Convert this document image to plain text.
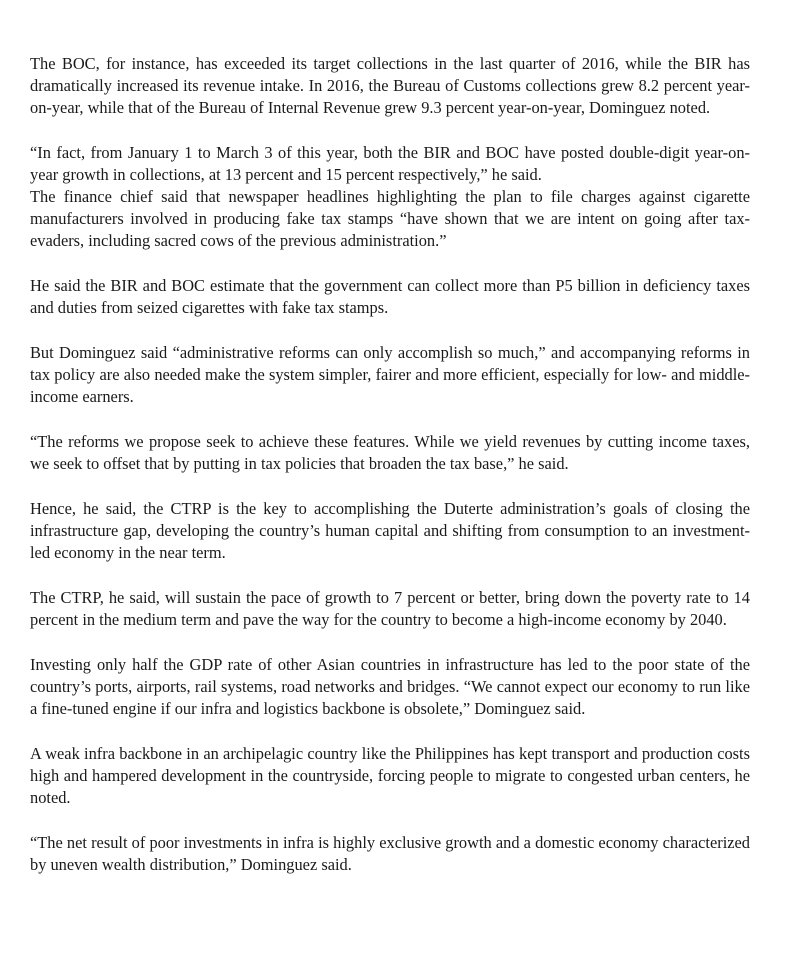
The BOC, for instance, has exceeded its target collections in the last quarter of 2016, while the BIR has dramatically increased its revenue intake. In 2016, the Bureau of Customs collections grew 8.2 percent year-on-year, while that of the Bureau of Internal Revenue grew 9.3 percent year-on-year, Dominguez noted.

“In fact, from January 1 to March 3 of this year, both the BIR and BOC have posted double-digit year-on-year growth in collections, at 13 percent and 15 percent respectively,” he said.

The finance chief said that newspaper headlines highlighting the plan to file charges against cigarette manufacturers involved in producing fake tax stamps “have shown that we are intent on going after tax-evaders, including sacred cows of the previous administration.”

He said the BIR and BOC estimate that the government can collect more than P5 billion in deficiency taxes and duties from seized cigarettes with fake tax stamps.

But Dominguez said “administrative reforms can only accomplish so much,” and accompanying reforms in tax policy are also needed make the system simpler, fairer and more efficient, especially for low- and middle-income earners.

“The reforms we propose seek to achieve these features. While we yield revenues by cutting income taxes, we seek to offset that by putting in tax policies that broaden the tax base,” he said.

Hence, he said, the CTRP is the key to accomplishing the Duterte administration’s goals of closing the infrastructure gap, developing the country’s human capital and shifting from consumption to an investment-led economy in the near term.

The CTRP, he said, will sustain the pace of growth to 7 percent or better, bring down the poverty rate to 14 percent in the medium term and pave the way for the country to become a high-income economy by 2040.

Investing only half the GDP rate of other Asian countries in infrastructure has led to the poor state of the country’s ports, airports, rail systems, road networks and bridges. “We cannot expect our economy to run like a fine-tuned engine if our infra and logistics backbone is obsolete,” Dominguez said.

A weak infra backbone in an archipelagic country like the Philippines has kept transport and production costs high and hampered development in the countryside, forcing people to migrate to congested urban centers, he noted.

“The net result of poor investments in infra is highly exclusive growth and a domestic economy characterized by uneven wealth distribution,” Dominguez said.
